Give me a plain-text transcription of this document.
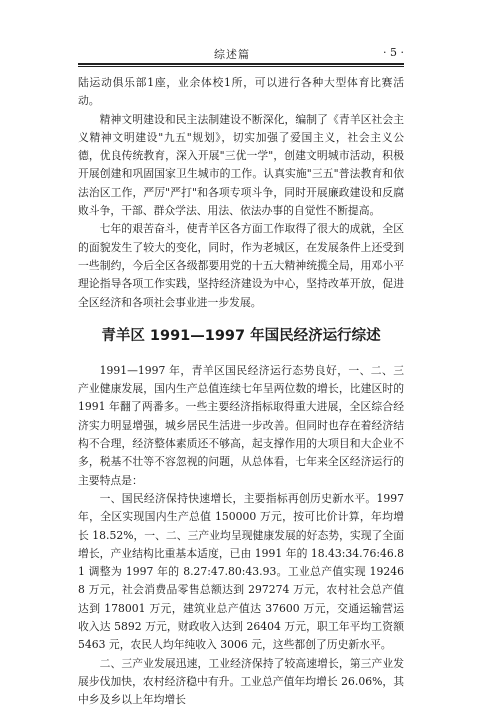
综述篇	· 5 ·

陆运动俱乐部1座，业余体校1所，可以进行各种大型体育比赛活动。

精神文明建设和民主法制建设不断深化，编制了《青羊区社会主义精神文明建设"九五"规划》，切实加强了爱国主义，社会主义公德，优良传统教育，深入开展"三优一学"，创建文明城市活动，积极开展创建和巩固国家卫生城市的工作。认真实施"三五"普法教育和依法治区工作，严厉"严打"和各项专项斗争，同时开展廉政建设和反腐败斗争，干部、群众学法、用法、依法办事的自觉性不断提高。

七年的艰苦奋斗，使青羊区各方面工作取得了很大的成就，全区的面貌发生了较大的变化，同时，作为老城区，在发展条件上还受到一些制约，今后全区各级都要用党的十五大精神统揽全局，用邓小平理论指导各项工作实践，坚持经济建设为中心，坚持改革开放，促进全区经济和各项社会事业进一步发展。

青羊区 1991—1997 年国民经济运行综述

1991—1997 年，青羊区国民经济运行态势良好，一、二、三产业健康发展，国内生产总值连续七年呈两位数的增长，比建区时的 1991 年翻了两番多。一些主要经济指标取得重大进展，全区综合经济实力明显增强，城乡居民生活进一步改善。但同时也存在着经济结构不合理，经济整体素质还不够高，起支撑作用的大项目和大企业不多，税基不壮等不容忽视的问题，从总体看，七年来全区经济运行的主要特点是：

一、国民经济保持快速增长，主要指标再创历史新水平。1997 年，全区实现国内生产总值 150000 万元，按可比价计算，年均增长 18.52%，一、二、三产业均呈现健康发展的好态势，实现了全面增长，产业结构比重基本适度，已由 1991 年的 18.43:34.76:46.81 调整为 1997 年的 8.27:47.80:43.93。工业总产值实现 192468 万元，社会消费品零售总额达到 297274 万元，农村社会总产值达到 178001 万元，建筑业总产值达 37600 万元，交通运输营运收入达 5892 万元，财政收入达到 26404 万元，职工年平均工资额 5463 元，农民人均年纯收入 3006 元，这些都创了历史新水平。

二、三产业发展迅速，工业经济保持了较高速增长，第三产业发展步伐加快，农村经济稳中有升。工业总产值年均增长 26.06%，其中乡及乡以上年均增长
